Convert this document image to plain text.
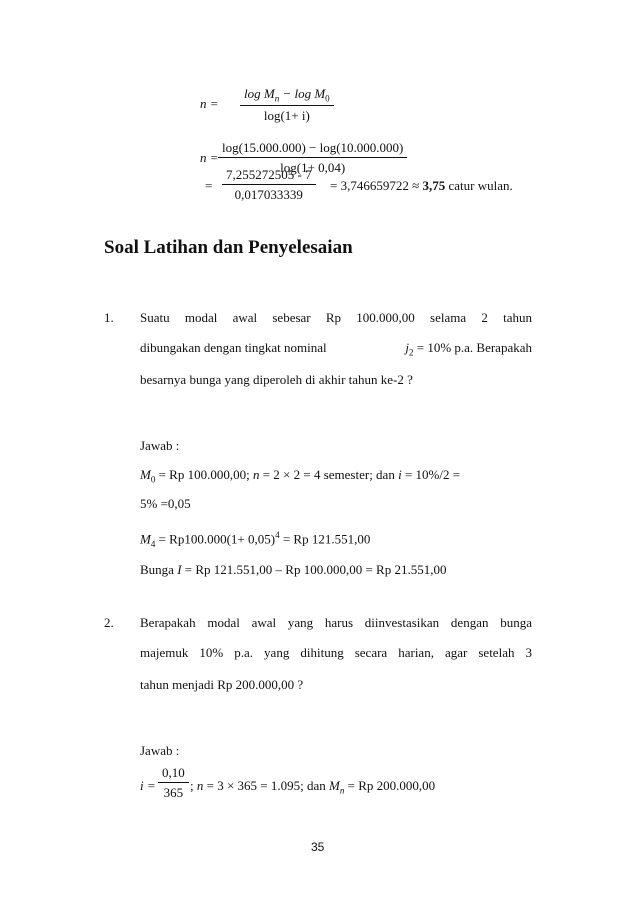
$n = \frac{\log M_n - \log M_0}{\log(1+ i)}$
$n = \frac{\log(15.000.000) - \log(10.000.000)}{\log(1+ 0,04)}$
= $\frac{7,255272505 - 7}{0,017033339} = 3,746659722 \approx 3,75$ catur wulan.
Soal Latihan dan Penyelesaian
1. Suatu modal awal sebesar Rp 100.000,00 selama 2 tahun
dibungakan dengan tingkat nominal	$j_2 = 10\%$ p.a. Berapakah
besarnya bunga yang diperoleh di akhir tahun ke-2 ?
Jawab :
$M_0 = Rp$ 100.000,00; n = 2 × 2 = 4 semester; dan i = 10%/2 =
5% =0,05
$M_4 = Rp100.000(1+ 0,05)^4 = Rp$ 121.551,00
Bunga I = Rp 121.551,00 – Rp 100.000,00 = Rp 21.551,00
2. Berapakah modal awal yang harus diinvestasikan dengan bunga
majemuk 10% p.a. yang dihitung secara harian, agar setelah 3
tahun menjadi Rp 200.000,00 ?
Jawab :
$i = \frac{0,10}{365}$ ; n = 3 × 365 = 1.095; dan $M_n = Rp$ 200.000,00
35
